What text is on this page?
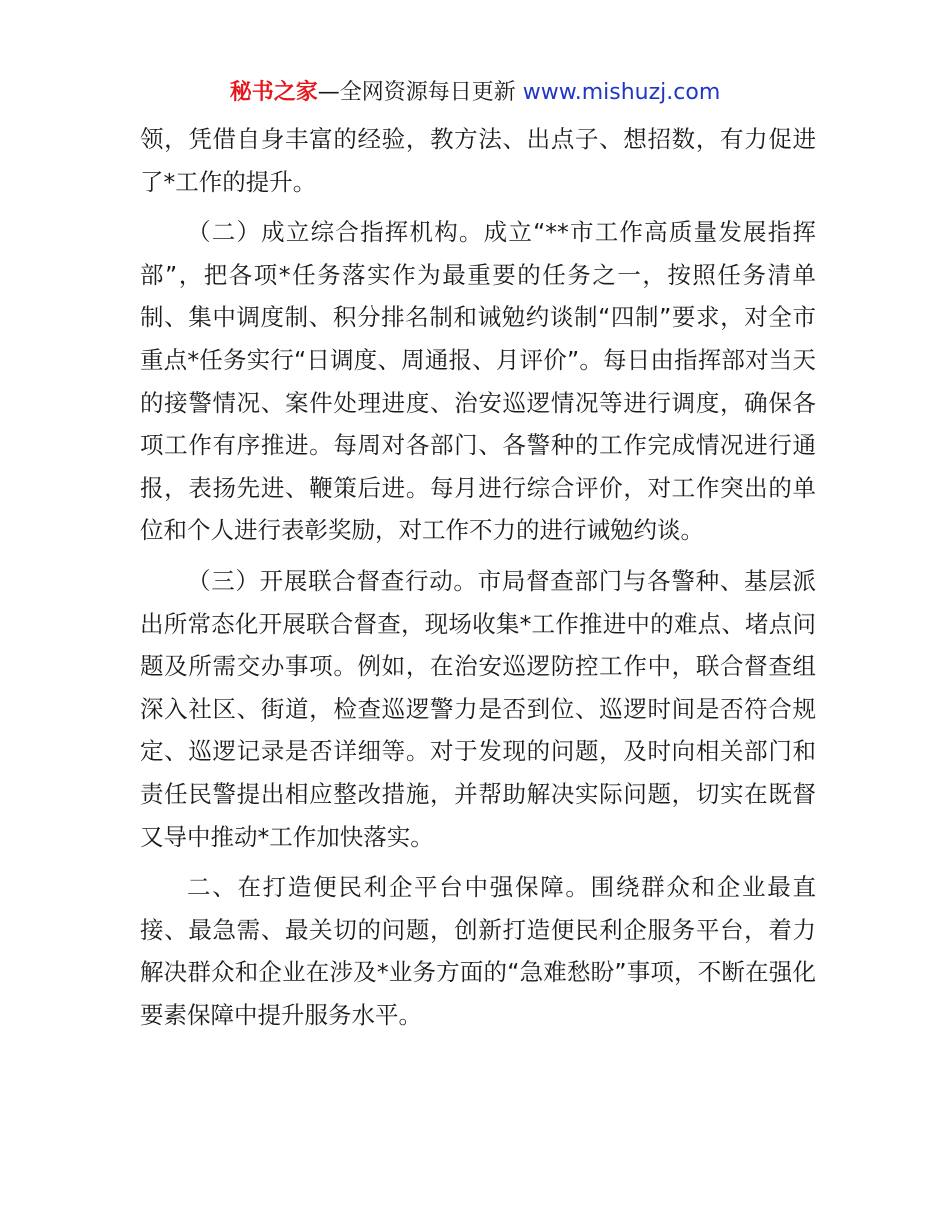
秘书之家—全网资源每日更新 www.mishuzj.com

领，凭借自身丰富的经验，教方法、出点子、想招数，有力促进了*工作的提升。

（二）成立综合指挥机构。成立“**市工作高质量发展指挥部”，把各项*任务落实作为最重要的任务之一，按照任务清单制、集中调度制、积分排名制和诫勉约谈制“四制”要求，对全市重点*任务实行“日调度、周通报、月评价”。每日由指挥部对当天的接警情况、案件处理进度、治安巡逻情况等进行调度，确保各项工作有序推进。每周对各部门、各警种的工作完成情况进行通报，表扬先进、鞭策后进。每月进行综合评价，对工作突出的单位和个人进行表彰奖励，对工作不力的进行诫勉约谈。

（三）开展联合督查行动。市局督查部门与各警种、基层派出所常态化开展联合督查，现场收集*工作推进中的难点、堵点问题及所需交办事项。例如，在治安巡逻防控工作中，联合督查组深入社区、街道，检查巡逻警力是否到位、巡逻时间是否符合规定、巡逻记录是否详细等。对于发现的问题，及时向相关部门和责任民警提出相应整改措施，并帮助解决实际问题，切实在既督又导中推动*工作加快落实。

二、在打造便民利企平台中强保障。围绕群众和企业最直接、最急需、最关切的问题，创新打造便民利企服务平台，着力解决群众和企业在涉及*业务方面的“急难愁盼”事项，不断在强化要素保障中提升服务水平。
